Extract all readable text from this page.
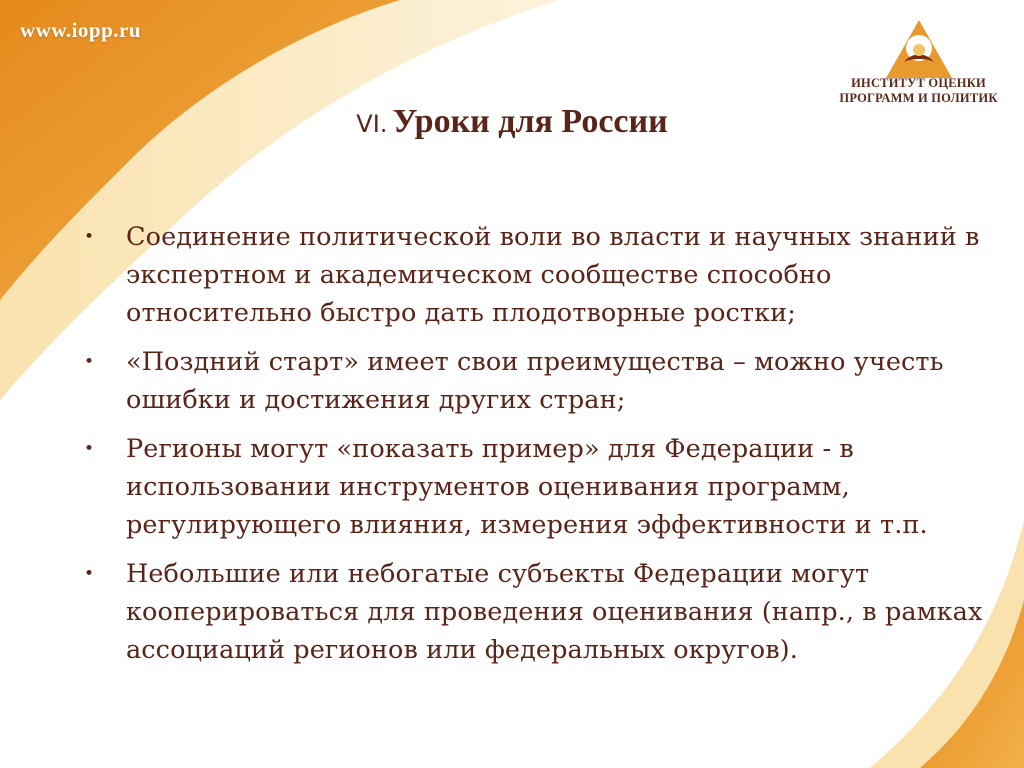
www.iopp.ru
ИНСТИТУТ ОЦЕНКИ
ПРОГРАММ И ПОЛИТИК
VI. Уроки для России
• Соединение политической воли во власти и научных знаний в экспертном и академическом сообществе способно относительно быстро дать плодотворные ростки;
• «Поздний старт» имеет свои преимущества – можно учесть ошибки и достижения других стран;
• Регионы могут «показать пример» для Федерации - в использовании инструментов оценивания программ, регулирующего влияния, измерения эффективности и т.п.
• Небольшие или небогатые субъекты Федерации могут кооперироваться для проведения оценивания (напр., в рамках ассоциаций регионов или федеральных округов).
